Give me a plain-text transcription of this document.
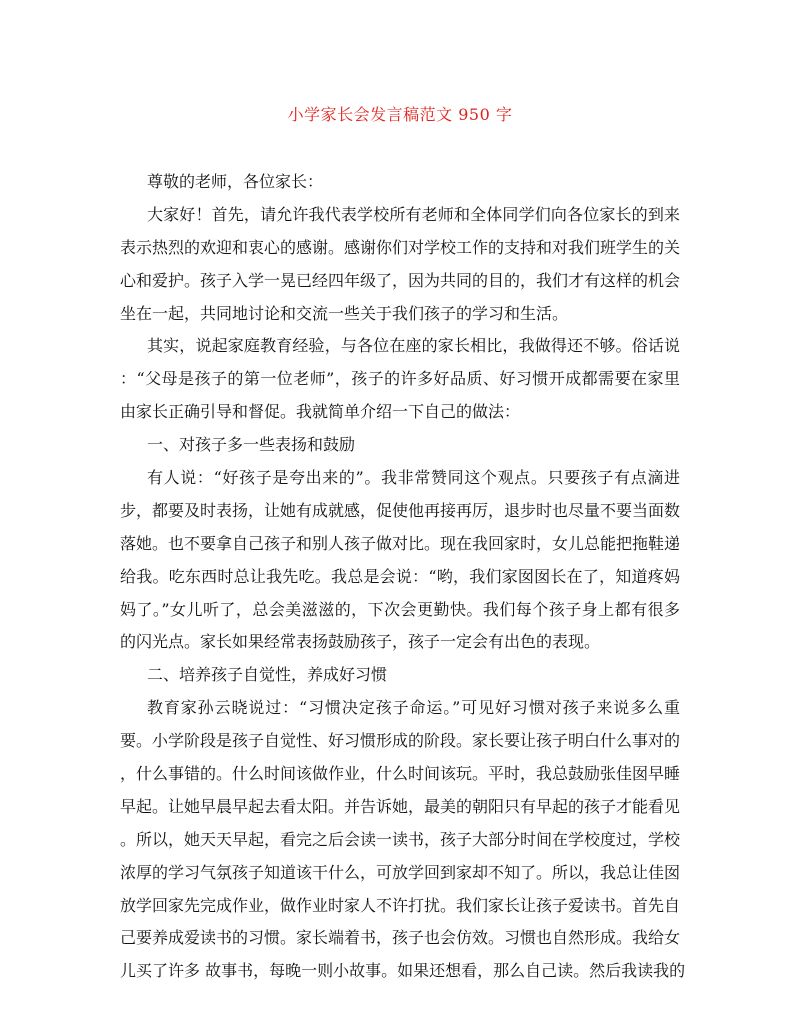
小学家长会发言稿范文 950 字
尊敬的老师，各位家长：
大家好！首先，请允许我代表学校所有老师和全体同学们向各位家长的到来
表示热烈的欢迎和衷心的感谢。感谢你们对学校工作的支持和对我们班学生的关
心和爱护。孩子入学一晃已经四年级了，因为共同的目的，我们才有这样的机会
坐在一起，共同地讨论和交流一些关于我们孩子的学习和生活。
其实，说起家庭教育经验，与各位在座的家长相比，我做得还不够。俗话说
：“父母是孩子的第一位老师”，孩子的许多好品质、好习惯开成都需要在家里
由家长正确引导和督促。我就简单介绍一下自己的做法：
一、对孩子多一些表扬和鼓励
有人说：“好孩子是夸出来的”。我非常赞同这个观点。只要孩子有点滴进
步，都要及时表扬，让她有成就感，促使他再接再厉，退步时也尽量不要当面数
落她。也不要拿自己孩子和别人孩子做对比。现在我回家时，女儿总能把拖鞋递
给我。吃东西时总让我先吃。我总是会说：“哟，我们家囡囡长在了，知道疼妈
妈了。”女儿听了，总会美滋滋的，下次会更勤快。我们每个孩子身上都有很多
的闪光点。家长如果经常表扬鼓励孩子，孩子一定会有出色的表现。
二、培养孩子自觉性，养成好习惯
教育家孙云晓说过：“习惯决定孩子命运。”可见好习惯对孩子来说多么重
要。小学阶段是孩子自觉性、好习惯形成的阶段。家长要让孩子明白什么事对的
，什么事错的。什么时间该做作业，什么时间该玩。平时，我总鼓励张佳囡早睡
早起。让她早晨早起去看太阳。并告诉她，最美的朝阳只有早起的孩子才能看见
。所以，她天天早起，看完之后会读一读书，孩子大部分时间在学校度过，学校
浓厚的学习气氛孩子知道该干什么，可放学回到家却不知了。所以，我总让佳囡
放学回家先完成作业，做作业时家人不许打扰。我们家长让孩子爱读书。首先自
己要养成爱读书的习惯。家长端着书，孩子也会仿效。习惯也自然形成。我给女
儿买了许多 故事书，每晚一则小故事。如果还想看，那么自己读。然后我读我的
